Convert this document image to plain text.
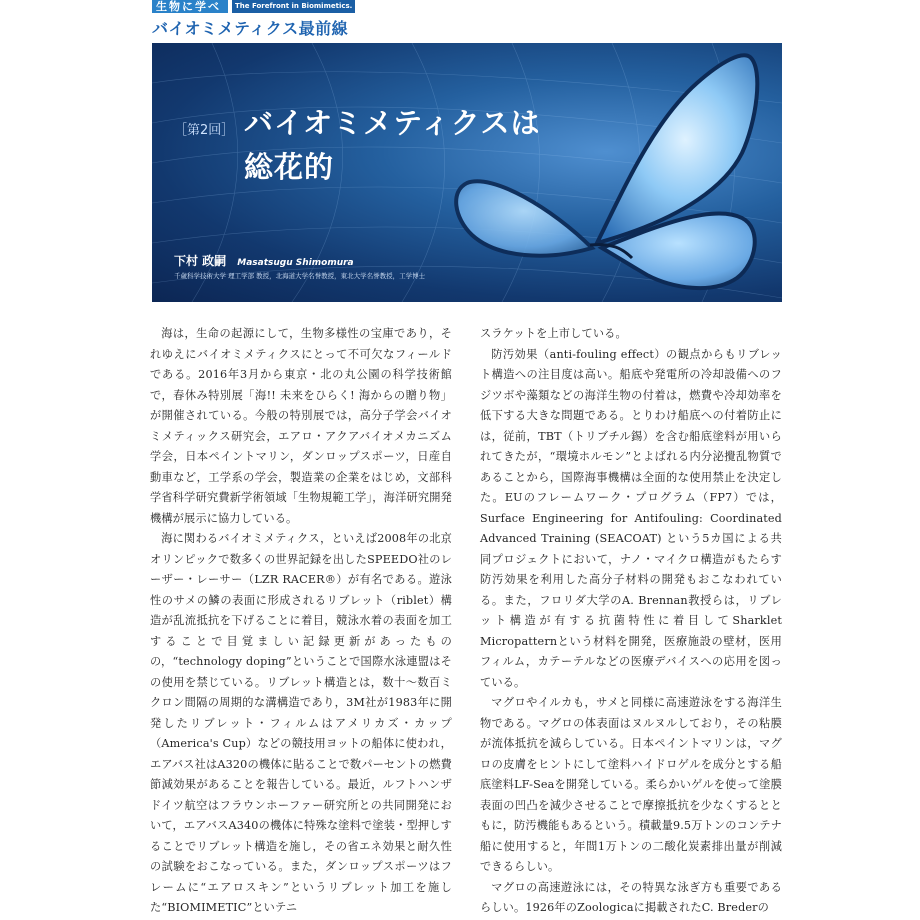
生物に学べ	The Forefront in Biomimetics.
バイオミメティクス最前線
［第2回］ バイオミメティクスは
総花的
下村 政嗣 Masatsugu Shimomura
千歳科学技術大学 理工学部 教授，北海道大学名誉教授，東北大学名誉教授，工学博士

海は，生命の起源にして，生物多様性の宝庫であり，それゆえにバイオミメティクスにとって不可欠なフィールドである。2016年3月から東京・北の丸公園の科学技術館で，春休み特別展「海!! 未来をひらく! 海からの贈り物」が開催されている。今般の特別展では，高分子学会バイオミメティックス研究会，エアロ・アクアバイオメカニズム学会，日本ペイントマリン，ダンロップスポーツ，日産自動車など，工学系の学会，製造業の企業をはじめ，文部科学省科学研究費新学術領域「生物規範工学」，海洋研究開発機構が展示に協力している。

海に関わるバイオミメティクス，といえば2008年の北京オリンピックで数多くの世界記録を出したSPEEDO社のレーザー・レーサー（LZR RACER®）が有名である。遊泳性のサメの鱗の表面に形成されるリブレット（riblet）構造が乱流抵抗を下げることに着目，競泳水着の表面を加工することで目覚ましい記録更新があったものの，“technology doping”ということで国際水泳連盟はその使用を禁じている。リブレット構造とは，数十〜数百ミクロン間隔の周期的な溝構造であり，3M社が1983年に開発したリブレット・フィルムはアメリカズ・カップ（America's Cup）などの競技用ヨットの船体に使われ，エアバス社はA320の機体に貼ることで数パーセントの燃費節減効果があることを報告している。最近，ルフトハンザドイツ航空はフラウンホーファー研究所との共同開発において，エアバスA340の機体に特殊な塗料で塗装・型押しすることでリブレット構造を施し，その省エネ効果と耐久性の試験をおこなっている。また，ダンロップスポーツはフレームに“エアロスキン”というリブレット加工を施した“BIOMIMETIC”といテニ

スラケットを上市している。

防汚効果（anti-fouling effect）の観点からもリブレット構造への注目度は高い。船底や発電所の冷却設備へのフジツボや藻類などの海洋生物の付着は，燃費や冷却効率を低下する大きな問題である。とりわけ船底への付着防止には，従前，TBT（トリブチル錫）を含む船底塗料が用いられてきたが，“環境ホルモン”とよばれる内分泌攪乱物質であることから，国際海事機構は全面的な使用禁止を決定した。EUのフレームワーク・プログラム（FP7）では，Surface Engineering for Antifouling: Coordinated Advanced Training (SEACOAT) という5カ国による共同プロジェクトにおいて，ナノ・マイクロ構造がもたらす防汚効果を利用した高分子材料の開発もおこなわれている。また，フロリダ大学のA. Brennan教授らは，リブレット構造が有する抗菌特性に着目してSharklet Micropatternという材料を開発，医療施設の壁材，医用フィルム，カテーテルなどの医療デバイスへの応用を図っている。

マグロやイルカも，サメと同様に高速遊泳をする海洋生物である。マグロの体表面はヌルヌルしており，その粘膜が流体抵抗を減らしている。日本ペイントマリンは，マグロの皮膚をヒントにして塗料ハイドロゲルを成分とする船底塗料LF-Seaを開発している。柔らかいゲルを使って塗膜表面の凹凸を減少させることで摩擦抵抗を少なくするとともに，防汚機能もあるという。積載量9.5万トンのコンテナ船に使用すると，年間1万トンの二酸化炭素排出量が削減できるらしい。

マグロの高速遊泳には，その特異な泳ぎ方も重要であるらしい。1926年のZoologicaに掲載されたC. Brederの
